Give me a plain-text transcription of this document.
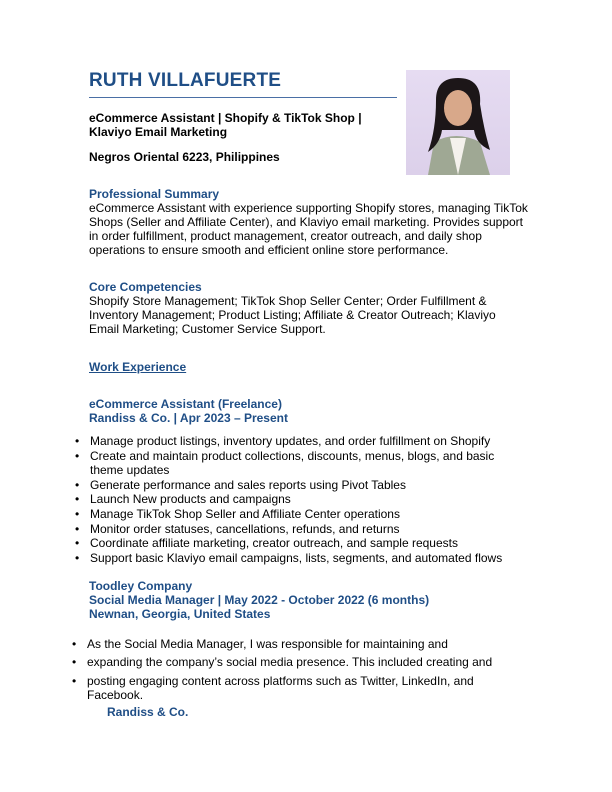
RUTH VILLAFUERTE
eCommerce Assistant | Shopify & TikTok Shop | Klaviyo Email Marketing
Negros Oriental 6223, Philippines
Professional Summary
eCommerce Assistant with experience supporting Shopify stores, managing TikTok Shops (Seller and Affiliate Center), and Klaviyo email marketing. Provides support in order fulfillment, product management, creator outreach, and daily shop operations to ensure smooth and efficient online store performance.
Core Competencies
Shopify Store Management; TikTok Shop Seller Center; Order Fulfillment & Inventory Management; Product Listing; Affiliate & Creator Outreach; Klaviyo Email Marketing; Customer Service Support.
Work Experience
eCommerce Assistant (Freelance)
Randiss & Co. | Apr 2023 – Present
• Manage product listings, inventory updates, and order fulfillment on Shopify
• Create and maintain product collections, discounts, menus, blogs, and basic theme updates
• Generate performance and sales reports using Pivot Tables
• Launch New products and campaigns
• Manage TikTok Shop Seller and Affiliate Center operations
• Monitor order statuses, cancellations, refunds, and returns
• Coordinate affiliate marketing, creator outreach, and sample requests
• Support basic Klaviyo email campaigns, lists, segments, and automated flows
Toodley Company
Social Media Manager | May 2022 - October 2022 (6 months)
Newnan, Georgia, United States
• As the Social Media Manager, I was responsible for maintaining and
• expanding the company’s social media presence. This included creating and
• posting engaging content across platforms such as Twitter, LinkedIn, and Facebook.
Randiss & Co.
